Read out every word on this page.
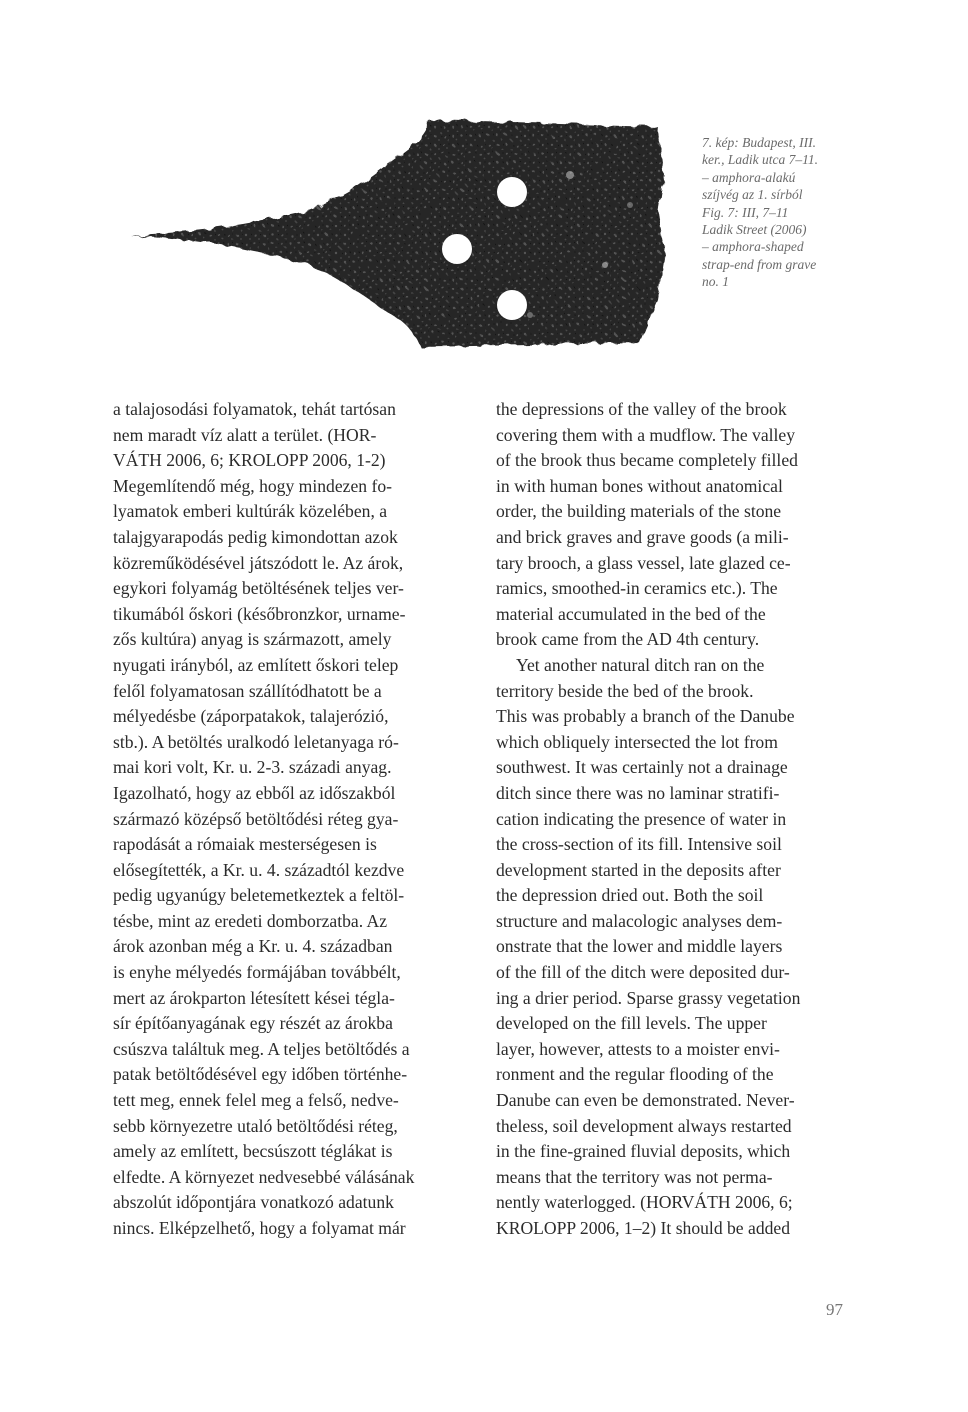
7. kép: Budapest, III.
ker., Ladik utca 7–11.
– amphora-alakú
szíjvég az 1. sírból
Fig. 7: III, 7–11
Ladik Street (2006)
– amphora-shaped
strap-end from grave
no. 1
a talajosodási folyamatok, tehát tartósan
nem maradt víz alatt a terület. (HOR-
VÁTH 2006, 6; KROLOPP 2006, 1-2)
Megemlítendő még, hogy mindezen fo-
lyamatok emberi kultúrák közelében, a
talajgyarapodás pedig kimondottan azok
közreműködésével játszódott le. Az árok,
egykori folyamág betöltésének teljes ver-
tikumából őskori (későbronzkor, urname-
zős kultúra) anyag is származott, amely
nyugati irányból, az említett őskori telep
felől folyamatosan szállítódhatott be a
mélyedésbe (záporpatakok, talajerózió,
stb.). A betöltés uralkodó leletanyaga ró-
mai kori volt, Kr. u. 2-3. századi anyag.
Igazolható, hogy az ebből az időszakból
származó középső betöltődési réteg gya-
rapodását a rómaiak mesterségesen is
elősegítették, a Kr. u. 4. századtól kezdve
pedig ugyanúgy beletemetkeztek a feltöl-
tésbe, mint az eredeti domborzatba. Az
árok azonban még a Kr. u. 4. században
is enyhe mélyedés formájában továbbélt,
mert az árokparton létesített kései tégla-
sír építőanyagának egy részét az árokba
csúszva találtuk meg. A teljes betöltődés a
patak betöltődésével egy időben történhe-
tett meg, ennek felel meg a felső, nedve-
sebb környezetre utaló betöltődési réteg,
amely az említett, becsúszott téglákat is
elfedte. A környezet nedvesebbé válásának
abszolút időpontjára vonatkozó adatunk
nincs. Elképzelhető, hogy a folyamat már
the depressions of the valley of the brook
covering them with a mudflow. The valley
of the brook thus became completely filled
in with human bones without anatomical
order, the building materials of the stone
and brick graves and grave goods (a mili-
tary brooch, a glass vessel, late glazed ce-
ramics, smoothed-in ceramics etc.). The
material accumulated in the bed of the
brook came from the AD 4th century.
Yet another natural ditch ran on the
territory beside the bed of the brook.
This was probably a branch of the Danube
which obliquely intersected the lot from
southwest. It was certainly not a drainage
ditch since there was no laminar stratifi-
cation indicating the presence of water in
the cross-section of its fill. Intensive soil
development started in the deposits after
the depression dried out. Both the soil
structure and malacologic analyses dem-
onstrate that the lower and middle layers
of the fill of the ditch were deposited dur-
ing a drier period. Sparse grassy vegetation
developed on the fill levels. The upper
layer, however, attests to a moister envi-
ronment and the regular flooding of the
Danube can even be demonstrated. Never-
theless, soil development always restarted
in the fine-grained fluvial deposits, which
means that the territory was not perma-
nently waterlogged. (HORVÁTH 2006, 6;
KROLOPP 2006, 1–2) It should be added
97
